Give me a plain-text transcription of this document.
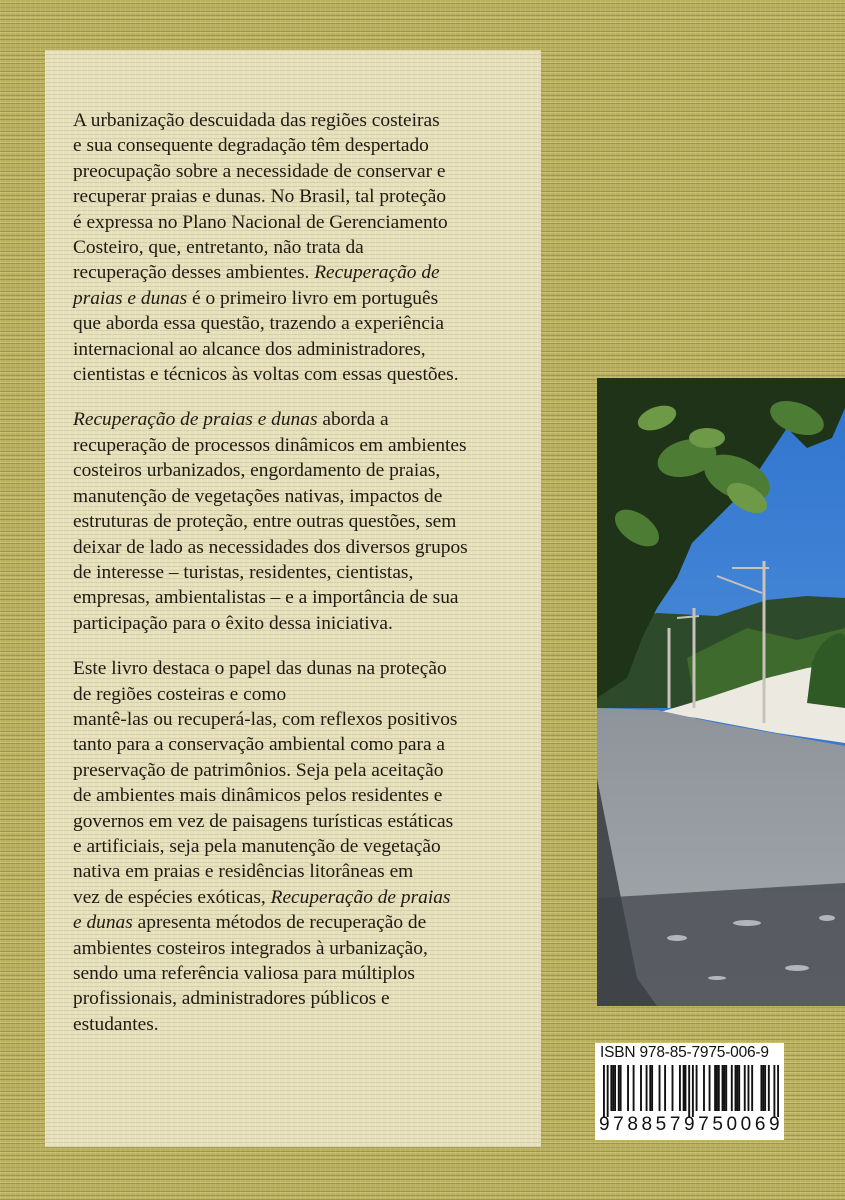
A urbanização descuidada das regiões costeiras
e sua consequente degradação têm despertado
preocupação sobre a necessidade de conservar e
recuperar praias e dunas. No Brasil, tal proteção
é expressa no Plano Nacional de Gerenciamento
Costeiro, que, entretanto, não trata da
recuperação desses ambientes. Recuperação de
praias e dunas é o primeiro livro em português
que aborda essa questão, trazendo a experiência
internacional ao alcance dos administradores,
cientistas e técnicos às voltas com essas questões.

Recuperação de praias e dunas aborda a
recuperação de processos dinâmicos em ambientes
costeiros urbanizados, engordamento de praias,
manutenção de vegetações nativas, impactos de
estruturas de proteção, entre outras questões, sem
deixar de lado as necessidades dos diversos grupos
de interesse – turistas, residentes, cientistas,
empresas, ambientalistas – e a importância de sua
participação para o êxito dessa iniciativa.

Este livro destaca o papel das dunas na proteção
de regiões costeiras e como
mantê-las ou recuperá-las, com reflexos positivos
tanto para a conservação ambiental como para a
preservação de patrimônios. Seja pela aceitação
de ambientes mais dinâmicos pelos residentes e
governos em vez de paisagens turísticas estáticas
e artificiais, seja pela manutenção de vegetação
nativa em praias e residências litorâneas em
vez de espécies exóticas, Recuperação de praias
e dunas apresenta métodos de recuperação de
ambientes costeiros integrados à urbanização,
sendo uma referência valiosa para múltiplos
profissionais, administradores públicos e
estudantes.

ISBN 978-85-7975-006-9
9788579750069
